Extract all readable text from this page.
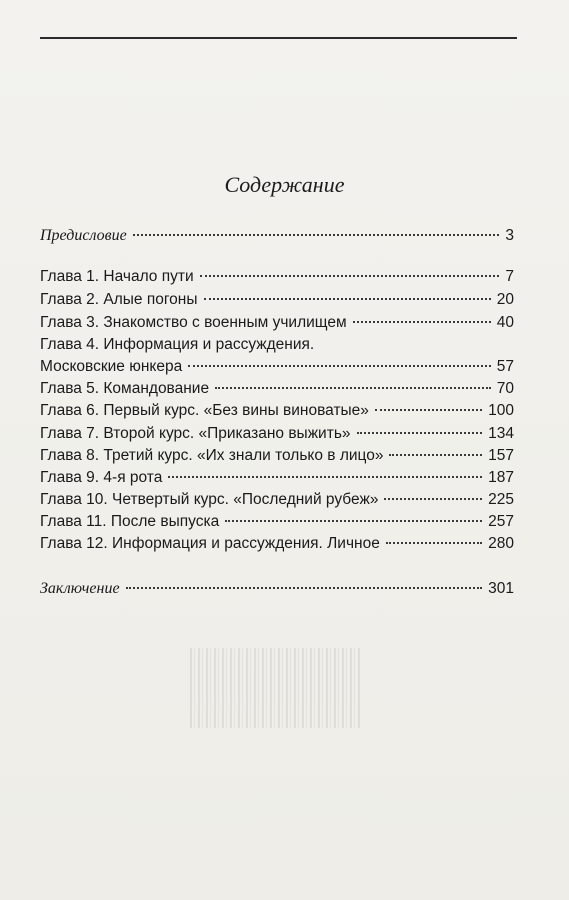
Содержание
Предисловие	3
Глава 1. Начало пути	7
Глава 2. Алые погоны	20
Глава 3. Знакомство с военным училищем	40
Глава 4. Информация и рассуждения.
Московские юнкера	57
Глава 5. Командование	70
Глава 6. Первый курс. «Без вины виноватые»	100
Глава 7. Второй курс. «Приказано выжить»	134
Глава 8. Третий курс. «Их знали только в лицо»	157
Глава 9. 4-я рота	187
Глава 10. Четвертый курс. «Последний рубеж»	225
Глава 11. После выпуска	257
Глава 12. Информация и рассуждения. Личное	280
Заключение	301
